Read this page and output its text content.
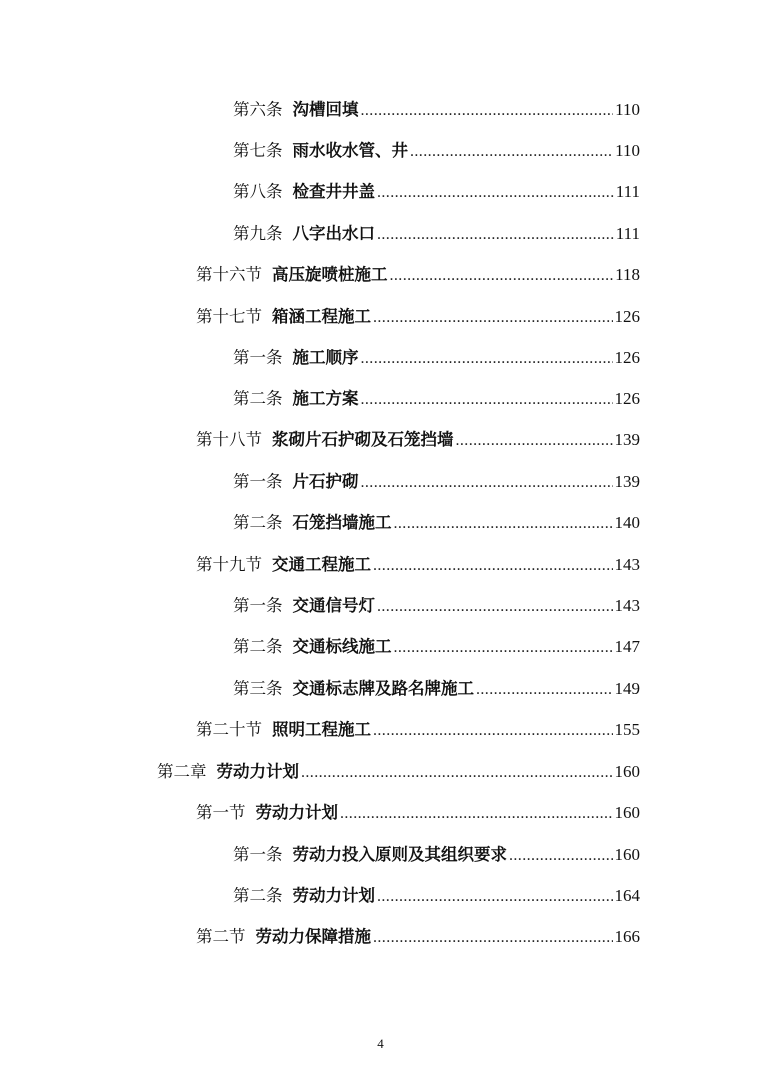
第六条 沟槽回填 .....	110
第七条 雨水收水管、井 .....	110
第八条 检查井井盖 .....	111
第九条 八字出水口 .....	111
第十六节 高压旋喷桩施工 .....	118
第十七节 箱涵工程施工 .....	126
第一条 施工顺序 .....	126
第二条 施工方案 .....	126
第十八节 浆砌片石护砌及石笼挡墙 .....	139
第一条 片石护砌 .....	139
第二条 石笼挡墙施工 .....	140
第十九节 交通工程施工 .....	143
第一条 交通信号灯 .....	143
第二条 交通标线施工 .....	147
第三条 交通标志牌及路名牌施工 .....	149
第二十节 照明工程施工 .....	155
第二章 劳动力计划 .....	160
第一节 劳动力计划 .....	160
第一条 劳动力投入原则及其组织要求 .....	160
第二条 劳动力计划 .....	164
第二节 劳动力保障措施 .....	166
4
